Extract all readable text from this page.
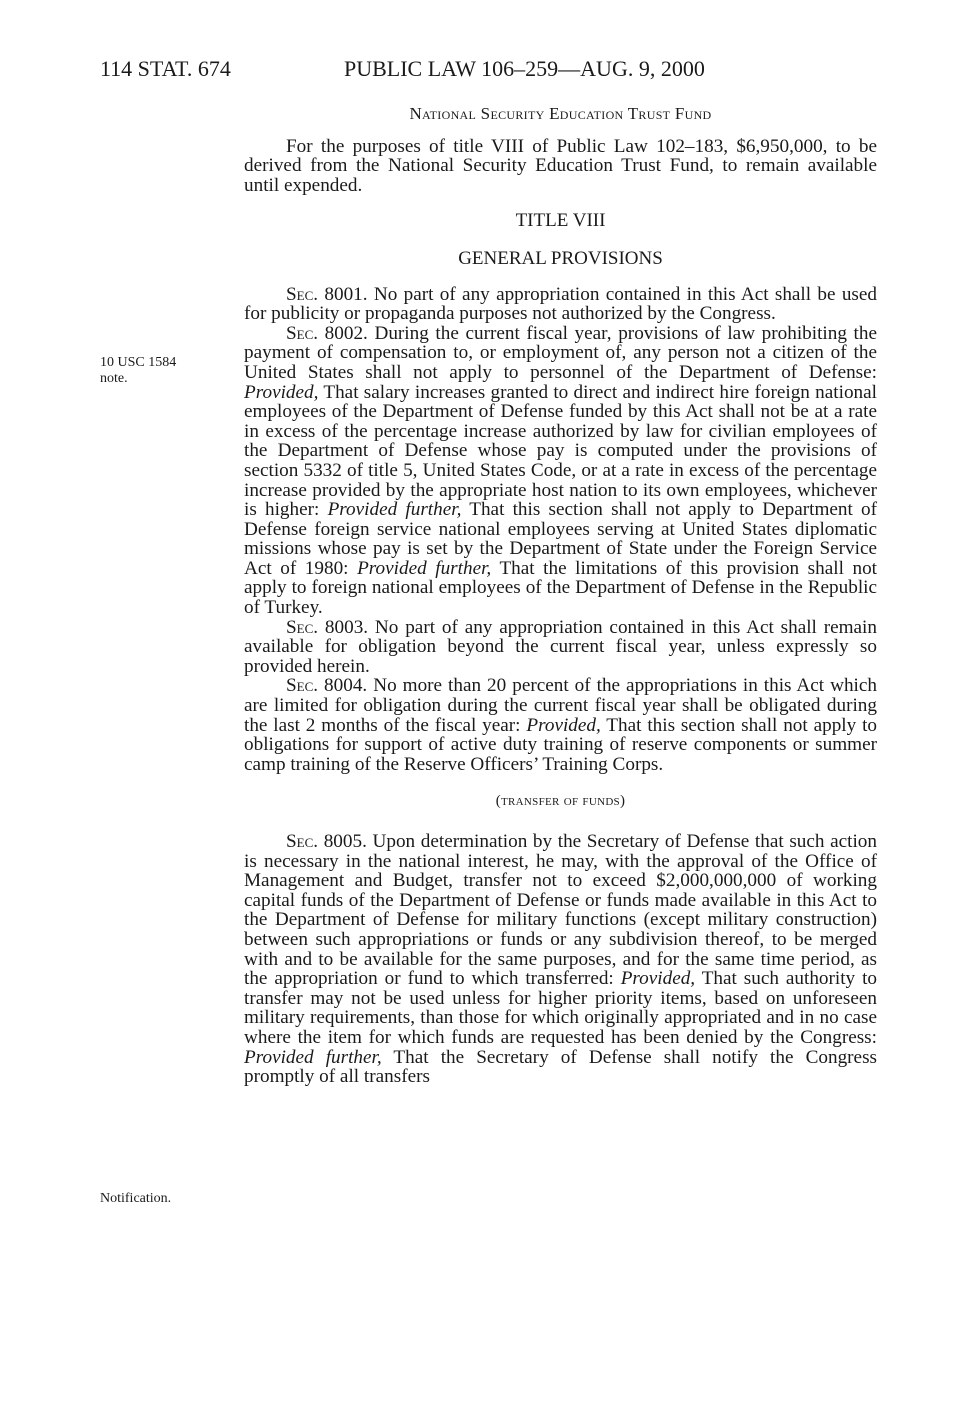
114 STAT. 674	PUBLIC LAW 106–259—AUG. 9, 2000
10 USC 1584
note.
Notification.
National Security Education Trust Fund

For the purposes of title VIII of Public Law 102–183, $6,950,000, to be derived from the National Security Education Trust Fund, to remain available until expended.

TITLE VIII
GENERAL PROVISIONS

Sec. 8001. No part of any appropriation contained in this Act shall be used for publicity or propaganda purposes not authorized by the Congress.

Sec. 8002. During the current fiscal year, provisions of law prohibiting the payment of compensation to, or employment of, any person not a citizen of the United States shall not apply to personnel of the Department of Defense: Provided, That salary increases granted to direct and indirect hire foreign national employees of the Department of Defense funded by this Act shall not be at a rate in excess of the percentage increase authorized by law for civilian employees of the Department of Defense whose pay is computed under the provisions of section 5332 of title 5, United States Code, or at a rate in excess of the percentage increase provided by the appropriate host nation to its own employees, whichever is higher: Provided further, That this section shall not apply to Department of Defense foreign service national employees serving at United States diplomatic missions whose pay is set by the Department of State under the Foreign Service Act of 1980: Provided further, That the limitations of this provision shall not apply to foreign national employees of the Department of Defense in the Republic of Turkey.

Sec. 8003. No part of any appropriation contained in this Act shall remain available for obligation beyond the current fiscal year, unless expressly so provided herein.

Sec. 8004. No more than 20 percent of the appropriations in this Act which are limited for obligation during the current fiscal year shall be obligated during the last 2 months of the fiscal year: Provided, That this section shall not apply to obligations for support of active duty training of reserve components or summer camp training of the Reserve Officers’ Training Corps.

(transfer of funds)

Sec. 8005. Upon determination by the Secretary of Defense that such action is necessary in the national interest, he may, with the approval of the Office of Management and Budget, transfer not to exceed $2,000,000,000 of working capital funds of the Department of Defense or funds made available in this Act to the Department of Defense for military functions (except military construction) between such appropriations or funds or any subdivision thereof, to be merged with and to be available for the same purposes, and for the same time period, as the appropriation or fund to which transferred: Provided, That such authority to transfer may not be used unless for higher priority items, based on unforeseen military requirements, than those for which originally appropriated and in no case where the item for which funds are requested has been denied by the Congress: Provided further, That the Secretary of Defense shall notify the Congress promptly of all transfers
